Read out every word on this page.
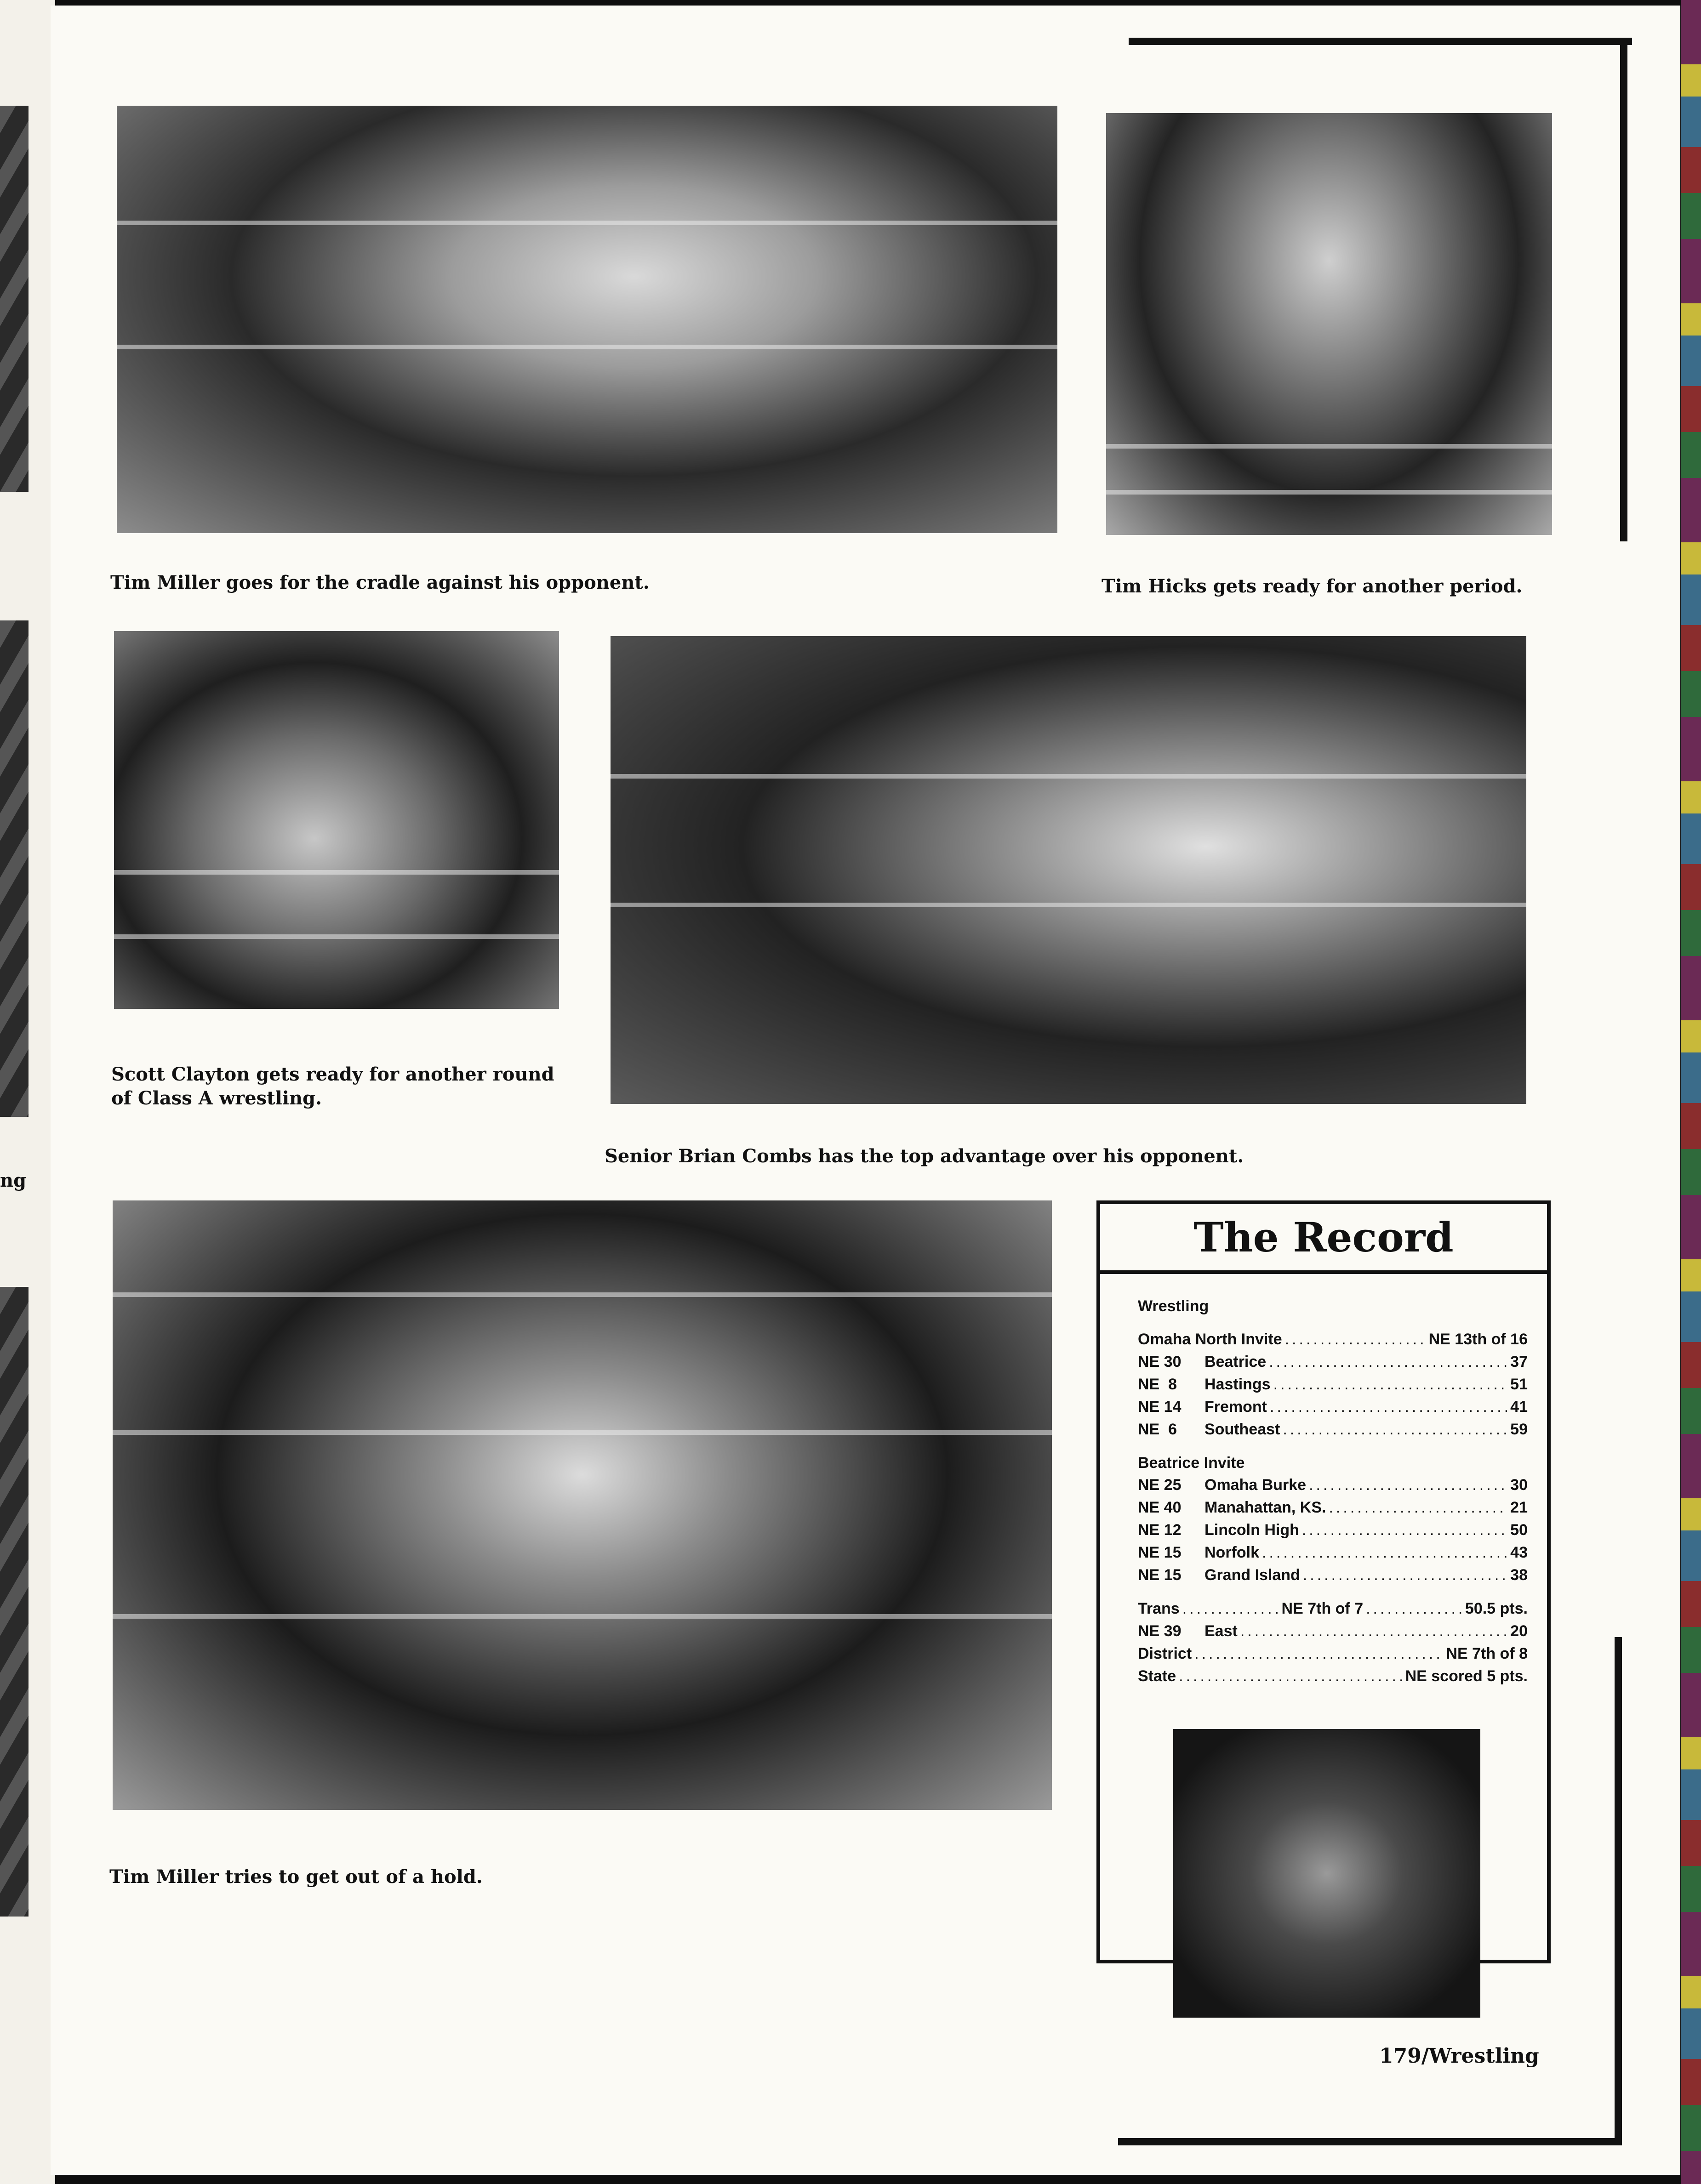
ng
Tim Miller goes for the cradle against his opponent.	Tim Hicks gets ready for another period.
Scott Clayton gets ready for another round
of Class A wrestling.
Senior Brian Combs has the top advantage over his opponent.
Tim Miller tries to get out of a hold.
The Record
Wrestling
Omaha North Invite .....	NE 13th of 16
NE 30	Beatrice .....	37
NE  8	Hastings .....	51
NE 14	Fremont .....	41
NE  6	Southeast .....	59
Beatrice Invite
NE 25	Omaha Burke .....	30
NE 40	Manahattan, KS. .....	21
NE 12	Lincoln High .....	50
NE 15	Norfolk .....	43
NE 15	Grand Island .....	38
Trans .....	NE 7th of 7 .....	50.5 pts.
NE 39	East .....	20
District .....	NE 7th of 8
State .....	NE scored 5 pts.
179/Wrestling
